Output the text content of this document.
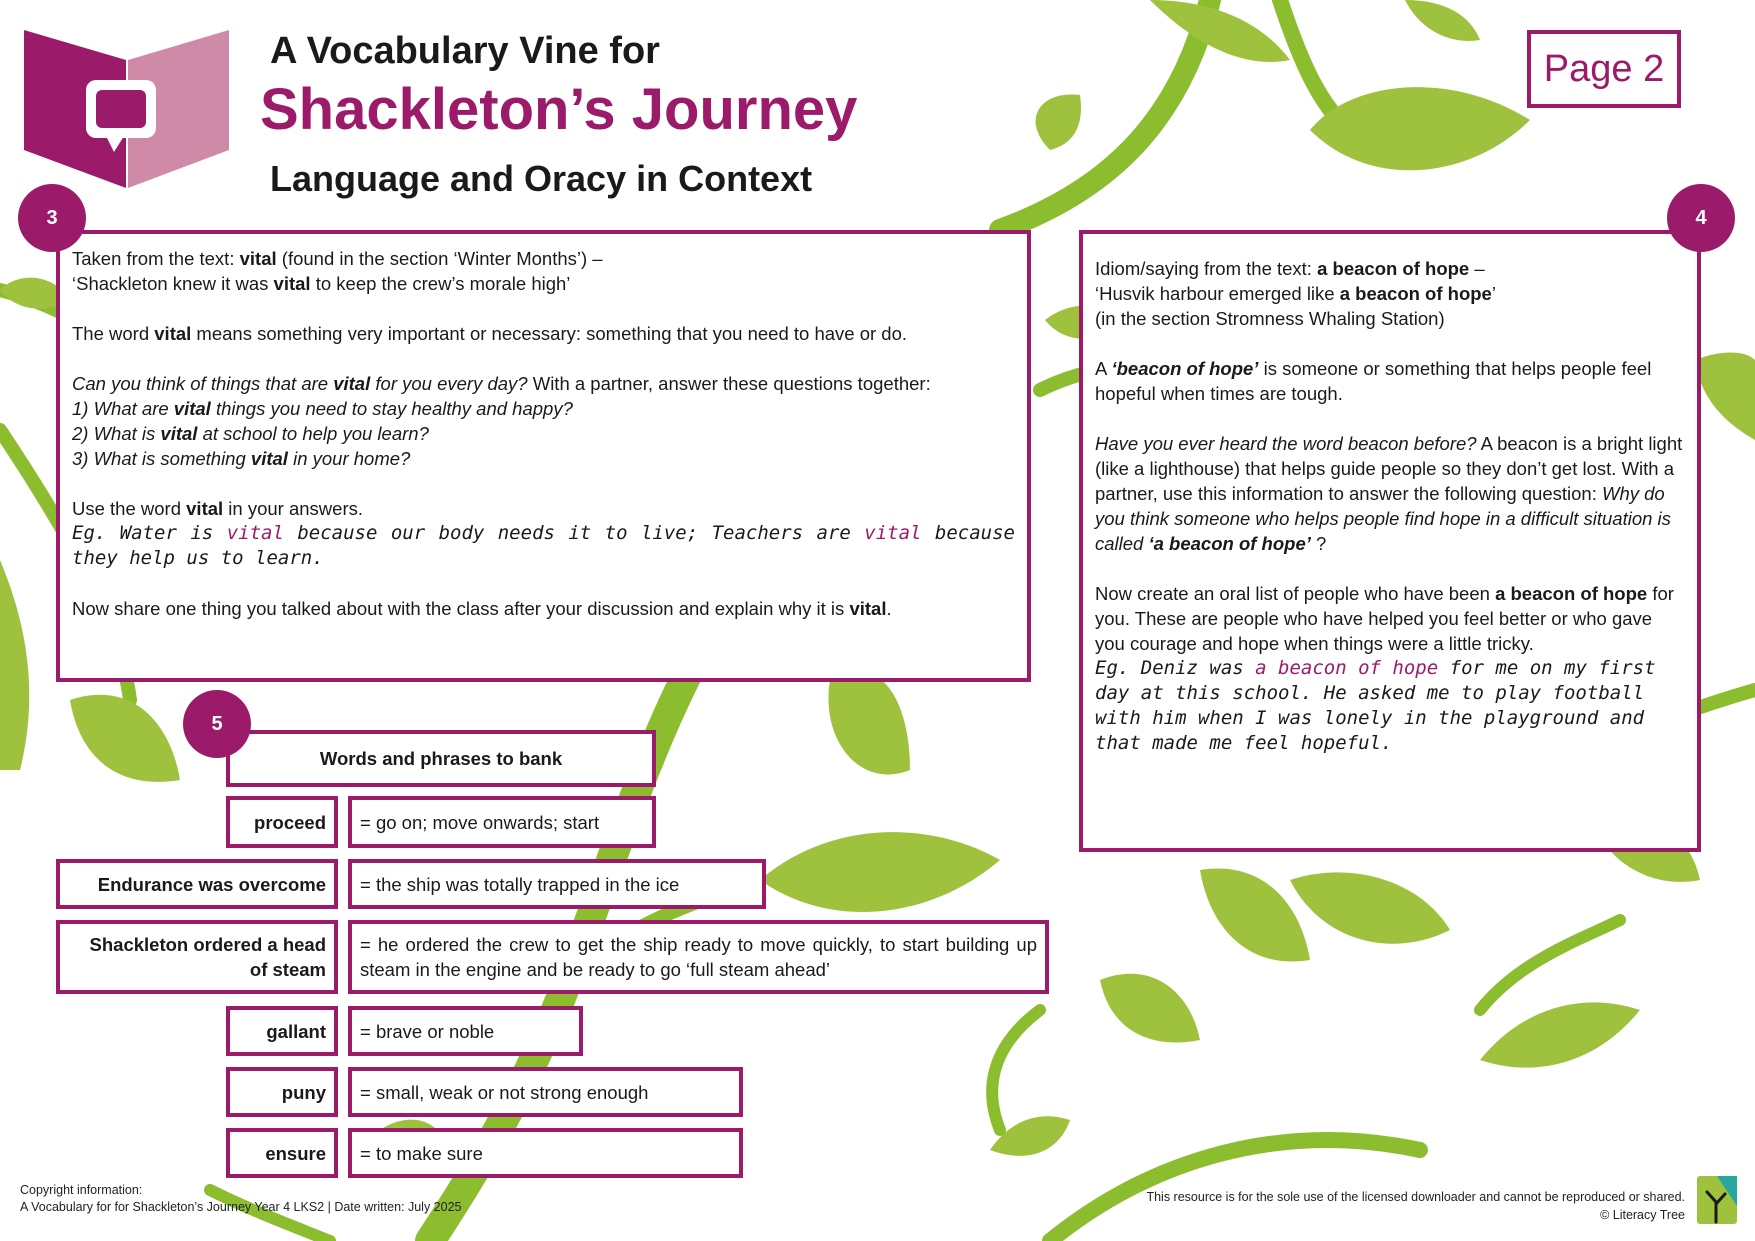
A Vocabulary Vine for
Shackleton’s Journey
Language and Oracy in Context
Page 2

Taken from the text: vital (found in the section ‘Winter Months’) –

‘Shackleton knew it was vital to keep the crew’s morale high’

The word vital means something very important or necessary: something that you need to have or do.

Can you think of things that are vital for you every day? With a partner, answer these questions together:

1) What are vital things you need to stay healthy and happy?

2) What is vital at school to help you learn?

3) What is something vital in your home?

Use the word vital in your answers.

Eg. Water is vital because our body needs it to live; Teachers are vital because they help us to learn.

Now share one thing you talked about with the class after your discussion and explain why it is vital.

3

Idiom/saying from the text: a beacon of hope –

‘Husvik harbour emerged like a beacon of hope’

(in the section Stromness Whaling Station)

A ‘beacon of hope’ is someone or something that helps people feel hopeful when times are tough.

Have you ever heard the word beacon before? A beacon is a bright light (like a lighthouse) that helps guide people so they don’t get lost. With a partner, use this information to answer the following question: Why do you think someone who helps people find hope in a difficult situation is called ‘a beacon of hope’ ?

Now create an oral list of people who have been a beacon of hope for you. These are people who have helped you feel better or who gave you courage and hope when things were a little tricky.

Eg. Deniz was a beacon of hope for me on my first day at this school. He asked me to play football with him when I was lonely in the playground and that made me feel hopeful.

4
Words and phrases to bank
5
proceed	= go on; move onwards; start
Endurance was overcome	= the ship was totally trapped in the ice
Shackleton ordered a head of steam
= he ordered the crew to get the ship ready to move quickly, to start building up steam in the engine and be ready to go ‘full steam ahead’
gallant	= brave or noble
puny	= small, weak or not strong enough
ensure	= to make sure
Copyright information:
A Vocabulary for for Shackleton’s Journey Year 4 LKS2 | Date written: July 2025
This resource is for the sole use of the licensed downloader and cannot be reproduced or shared.
© Literacy Tree
